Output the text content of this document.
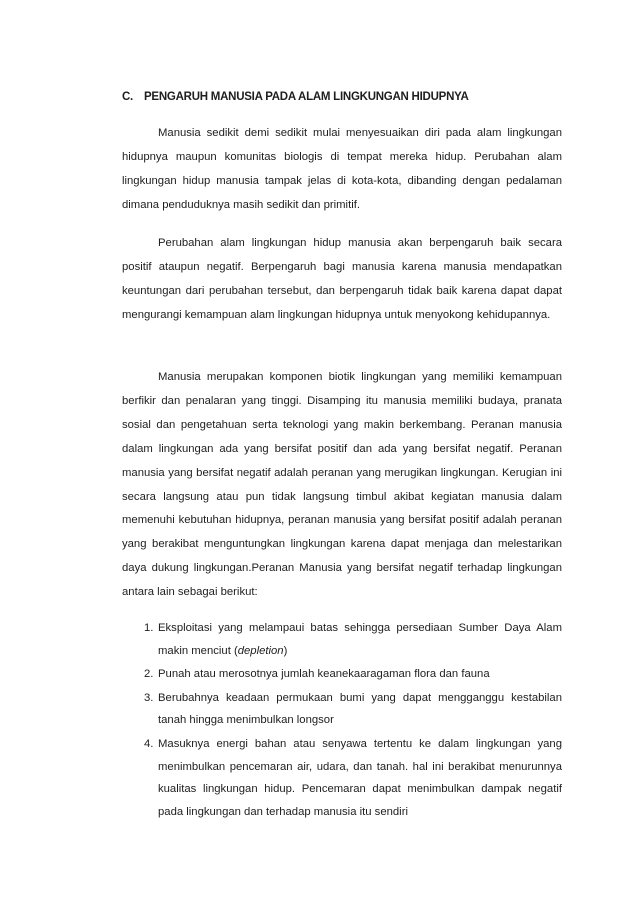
C. PENGARUH MANUSIA PADA ALAM LINGKUNGAN HIDUPNYA
Manusia sedikit demi sedikit mulai menyesuaikan diri pada alam lingkungan hidupnya maupun komunitas biologis di tempat mereka hidup. Perubahan alam lingkungan hidup manusia tampak jelas di kota-kota, dibanding dengan pedalaman dimana penduduknya masih sedikit dan primitif.
Perubahan alam lingkungan hidup manusia akan berpengaruh baik secara positif ataupun negatif. Berpengaruh bagi manusia karena manusia mendapatkan keuntungan dari perubahan tersebut, dan berpengaruh tidak baik karena dapat dapat mengurangi kemampuan alam lingkungan hidupnya untuk menyokong kehidupannya.
Manusia merupakan komponen biotik lingkungan yang memiliki kemampuan berfikir dan penalaran yang tinggi. Disamping itu manusia memiliki budaya, pranata sosial dan pengetahuan serta teknologi yang makin berkembang. Peranan manusia dalam lingkungan ada yang bersifat positif dan ada yang bersifat negatif. Peranan manusia yang bersifat negatif adalah peranan yang merugikan lingkungan. Kerugian ini secara langsung atau pun tidak langsung timbul akibat kegiatan manusia dalam memenuhi kebutuhan hidupnya, peranan manusia yang bersifat positif adalah peranan yang berakibat menguntungkan lingkungan karena dapat menjaga dan melestarikan daya dukung lingkungan.Peranan Manusia yang bersifat negatif terhadap lingkungan antara lain sebagai berikut:
1. Eksploitasi yang melampaui batas sehingga persediaan Sumber Daya Alam makin menciut (depletion)
2. Punah atau merosotnya jumlah keanekaaragaman flora dan fauna
3. Berubahnya keadaan permukaan bumi yang dapat mengganggu kestabilan tanah hingga menimbulkan longsor
4. Masuknya energi bahan atau senyawa tertentu ke dalam lingkungan yang menimbulkan pencemaran air, udara, dan tanah. hal ini berakibat menurunnya kualitas lingkungan hidup. Pencemaran dapat menimbulkan dampak negatif pada lingkungan dan terhadap manusia itu sendiri
